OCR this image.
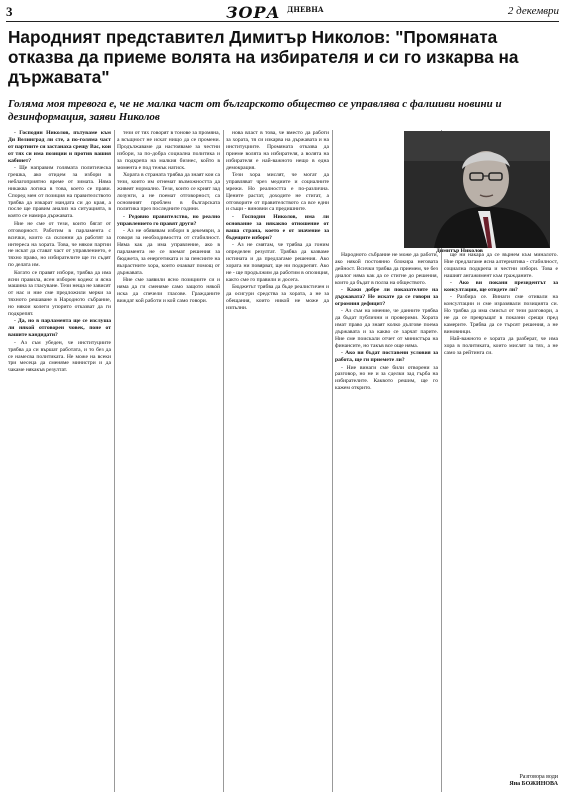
3	ЗОРА $^{ДНЕВНА}$	2 декември
Народният представител Димитър Николов: "Промяната отказва да приеме волята на избирателя и си го изкарва на държавата"

Голяма моя тревога е, че не малка част от българското общество се управлява с фалшиви новини и дезинформация, заяви Николов

- Господин Николов, пътуваме към Ди Велинград ли сте, а по-голяма част от партиите си застанаха срещу Вас, кои от тях си има позиции и против вашия кабинет?

- Ще направим голямата политическа грешка, ако отидем за избори в неблагоприятно време от зимата. Няма никаква логика в това, което се прави. Според мен от позиция на правителството трябва да изкарат мандата си до края, а после ще правим анализ на ситуацията, в която се намира държавата.

Ние не сме от тези, които бягат от отговорност. Работим в парламента с всички, които са склонни да работят за интереса на хората. Това, че някои партии не искат да стават част от управлението, е тяхно право, но избирателите ще ги съдят по делата им.

Когато се правят избори, трябва да има ясни правила, ясен изборен кодекс и ясна машина за гласуване. Тези неща не зависят от нас и ние сме предложили мерки за тяхното решаване в Народното събрание, но някои колеги упорито отказват да ги подкрепят.

- Да, но в парламента ще се изслуша ли някой отговорен човек, поне от вашите кандидати?

- Аз съм убеден, че институциите трябва да си вършат работата, и то без да се намесва политиката. Не може на всеки три месеца да сменяме министри и да чакаме някакъв резултат.

тези от тях говорят в тонове за промяна, а всъщност не искат нищо да се промени. Продължаваме да настояваме за честни избори, за по-добра социална политика и за подкрепа на малкия бизнес, който в момента е под тежък натиск.

Хората в страната трябва да знаят кои са тези, които им отнемат възможността да живеят нормално. Тези, които се крият зад лозунги, а не поемат отговорност, са основният проблем в българската политика през последните години.

- Редовно правителство, но реално управлението го правят други?

- Аз не обявявам избори в декември, а говоря за необходимостта от стабилност. Няма как да има управление, ако в парламента не се вземат решения за бюджета, за енергетиката и за пенсиите на възрастните хора, които очакват помощ от държавата.

Ние сме заявили ясно позициите си и няма да ги сменяме само защото някой иска да спечели гласове. Гражданите виждат кой работи и кой само говори.

нова власт в това, че вместо да работи за хората, тя си изкарва на държавата и на институциите. Промяната отказва да приеме волята на избирателя, а волята на избирателя е най-важното нещо в една демокрация.

Тези хора мислят, че могат да управляват чрез медиите и социалните мрежи. Но реалността е по-различна. Цените растат, доходите не стигат, а отговорите от правителството са все едни и същи - виновни са предишните.

- Господин Николов, има ли основание за някакво отношение от ваша страна, което е от значение за бъдещите избори?

- Аз не смятам, че трябва да гоним определен резултат. Трябва да казваме истината и да предлагаме решения. Ако хората ни повярват, ще ни подкрепят. Ако не - ще продължим да работим в опозиция, както сме го правили и досега.

Бюджетът трябва да бъде реалистичен и да осигури средства за хората, а не за обещания, които никой не може да изпълни.

Народното събрание не може да работи, ако някой постоянно блокира неговата дейност. Всички трябва да приемем, че без диалог няма как да се стигне до решения, които да бъдат в полза на обществото.

- Кажи добре ли показателите на държавата? Не искате да се говори за огромния дефицит?

- Аз съм на мнение, че данните трябва да бъдат публични и проверими. Хората имат право да знаят колко дългове поема държавата и за какво се харчат парите. Ние сме поискали отчет от министъра на финансите, но такъв все още няма.

- Ако ви бъдат поставени условия за работа, ще ги приемете ли?

- Ние винаги сме били отворени за разговор, но не и за сделки зад гърба на избирателите. Каквото решим, ще го кажем открито.

ще ни накара да се върнем към миналото. Ние предлагаме ясна алтернатива - стабилност, социална подкрепа и честни избори. Това е нашият ангажимент към гражданите.

- Ако ви покани президентът за консултации, ще отидете ли?

- Разбира се. Винаги сме отивали на консултации и сме изразявали позицията си. Но трябва да има смисъл от тези разговори, а не да се превръщат в показни срещи пред камерите. Трябва да се търсят решения, а не виновници.

Най-важното е хората да разберат, че има хора в политиката, които мислят за тях, а не само за рейтинга си.

Разговора води
Яна БОЖИНОВА
Димитър Николов
